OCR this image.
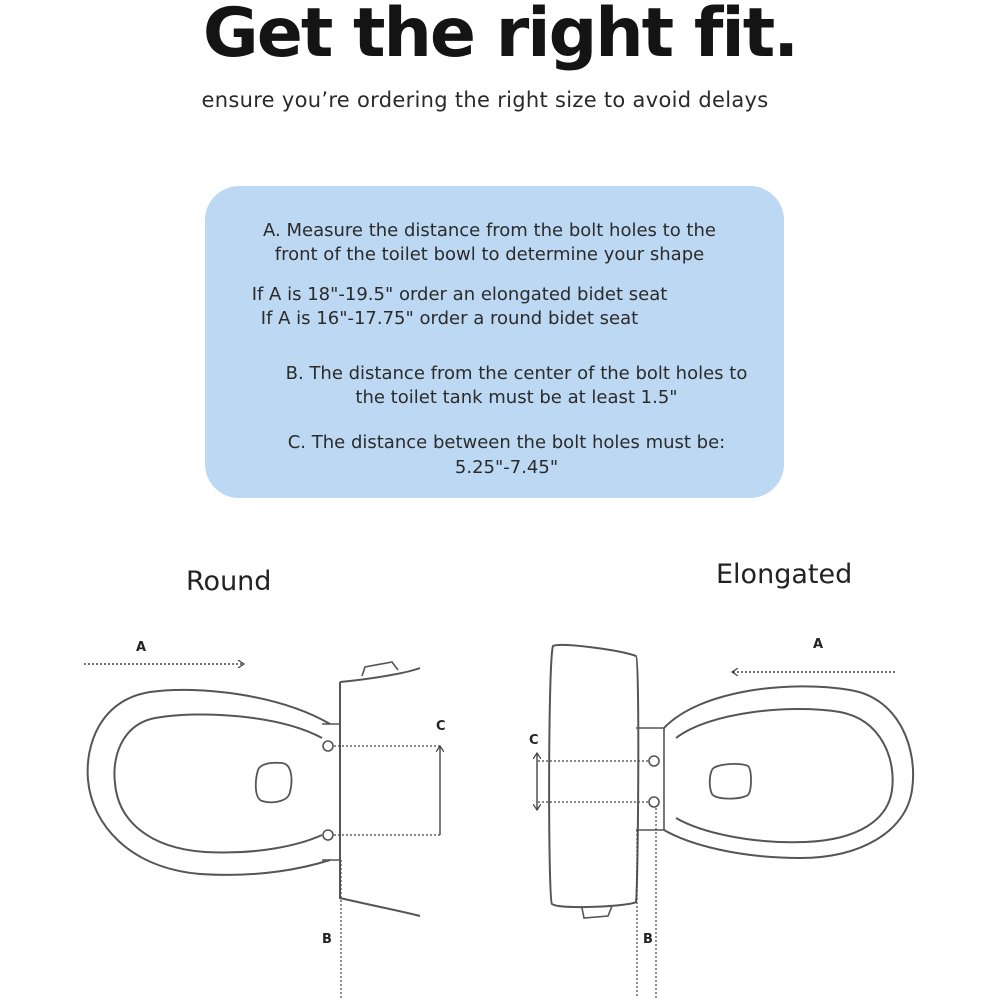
Get the right fit.

ensure you’re ordering the right size to avoid delays

A. Measure the distance from the bolt holes to the

front of the toilet bowl to determine your shape

If A is 18"-19.5" order an elongated bidet seat

If A is 16"-17.75" order a round bidet seat

B. The distance from the center of the bolt holes to

the toilet tank must be at least 1.5"

C. The distance between the bolt holes must be:

5.25"-7.45"

Round	Elongated

A
C
B
A
C
B
